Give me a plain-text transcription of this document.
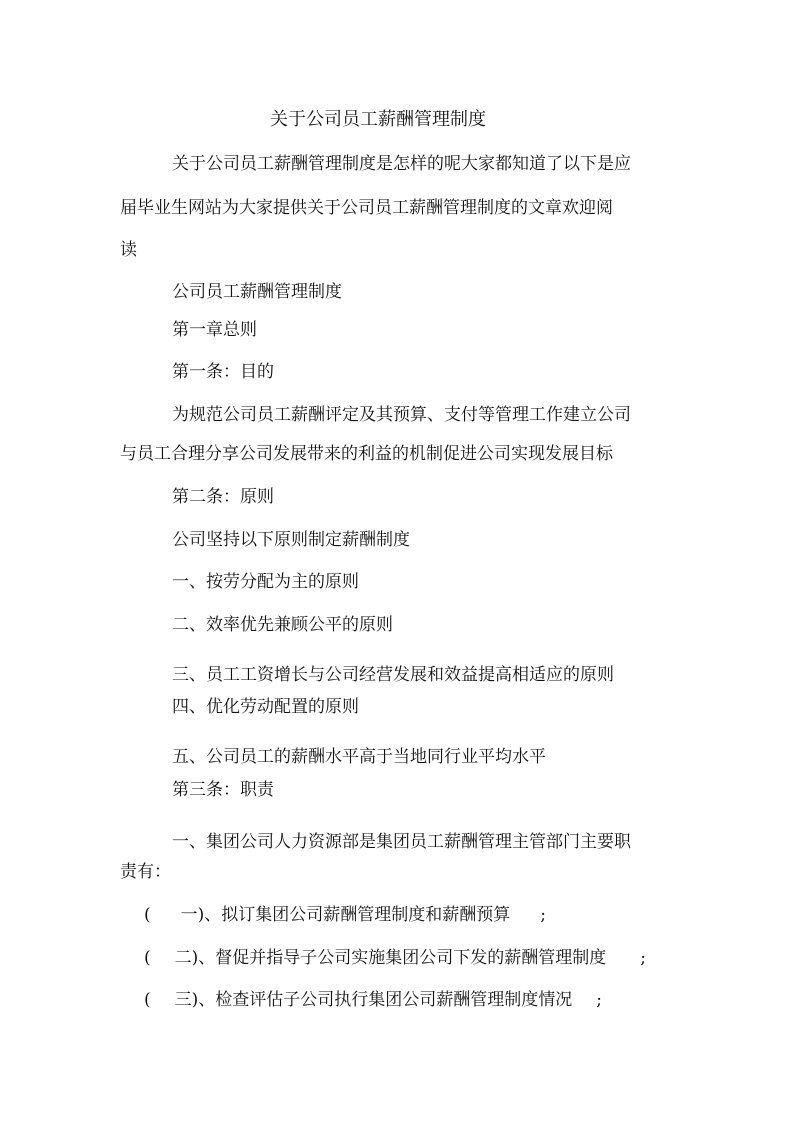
关于公司员工薪酬管理制度
关于公司员工薪酬管理制度是怎样的呢大家都知道了以下是应
届毕业生网站为大家提供关于公司员工薪酬管理制度的文章欢迎阅
读
公司员工薪酬管理制度
第一章总则
第一条：目的
为规范公司员工薪酬评定及其预算、支付等管理工作建立公司
与员工合理分享公司发展带来的利益的机制促进公司实现发展目标
第二条：原则
公司坚持以下原则制定薪酬制度
一、按劳分配为主的原则
二、效率优先兼顾公平的原则
三、员工工资增长与公司经营发展和效益提高相适应的原则
四、优化劳动配置的原则
五、公司员工的薪酬水平高于当地同行业平均水平
第三条：职责
一、集团公司人力资源部是集团员工薪酬管理主管部门主要职
责有：
( 一)、拟订集团公司薪酬管理制度和薪酬预算 ;
( 二)、督促并指导子公司实施集团公司下发的薪酬管理制度 ;
( 三)、检查评估子公司执行集团公司薪酬管理制度情况 ;
